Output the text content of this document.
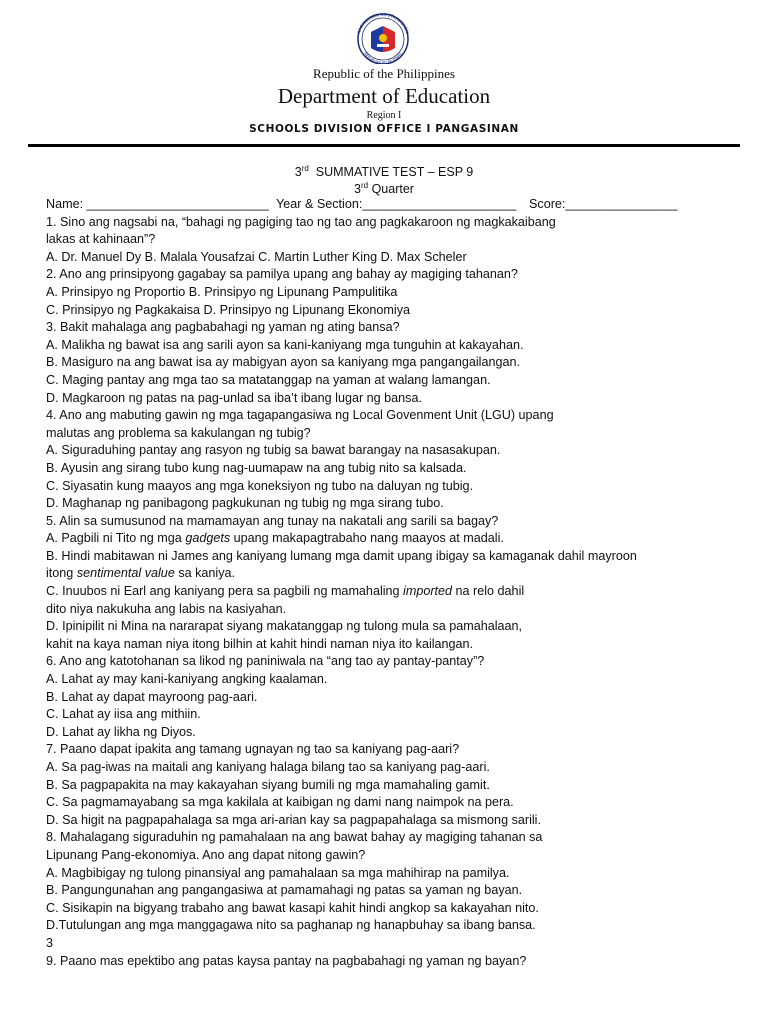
KAGAWARAN NG EDUKASYON
REPUBLIKA NG PILIPINAS
Republic of the Philippines
Department of Education
Region I
SCHOOLS DIVISION OFFICE I PANGASINAN
3rd SUMMATIVE TEST – ESP 9
3rd Quarter
Name: __________________________ Year & Section:______________________ Score:________________
1. Sino ang nagsabi na, “bahagi ng pagiging tao ng tao ang pagkakaroon ng magkakaibang
lakas at kahinaan”?
A. Dr. Manuel Dy B. Malala Yousafzai C. Martin Luther King D. Max Scheler
2. Ano ang prinsipyong gagabay sa pamilya upang ang bahay ay magiging tahanan?
A. Prinsipyo ng Proportio B. Prinsipyo ng Lipunang Pampulitika
C. Prinsipyo ng Pagkakaisa D. Prinsipyo ng Lipunang Ekonomiya
3. Bakit mahalaga ang pagbabahagi ng yaman ng ating bansa?
A. Malikha ng bawat isa ang sarili ayon sa kani-kaniyang mga tunguhin at kakayahan.
B. Masiguro na ang bawat isa ay mabigyan ayon sa kaniyang mga pangangailangan.
C. Maging pantay ang mga tao sa matatanggap na yaman at walang lamangan.
D. Magkaroon ng patas na pag-unlad sa iba’t ibang lugar ng bansa.
4. Ano ang mabuting gawin ng mga tagapangasiwa ng Local Govenment Unit (LGU) upang
malutas ang problema sa kakulangan ng tubig?
A. Siguraduhing pantay ang rasyon ng tubig sa bawat barangay na nasasakupan.
B. Ayusin ang sirang tubo kung nag-uumapaw na ang tubig nito sa kalsada.
C. Siyasatin kung maayos ang mga koneksiyon ng tubo na daluyan ng tubig.
D. Maghanap ng panibagong pagkukunan ng tubig ng mga sirang tubo.
5. Alin sa sumusunod na mamamayan ang tunay na nakatali ang sarili sa bagay?
A. Pagbili ni Tito ng mga gadgets upang makapagtrabaho nang maayos at madali.
B. Hindi mabitawan ni James ang kaniyang lumang mga damit upang ibigay sa kamaganak dahil mayroon
itong sentimental value sa kaniya.
C. Inuubos ni Earl ang kaniyang pera sa pagbili ng mamahaling imported na relo dahil
dito niya nakukuha ang labis na kasiyahan.
D. Ipinipilit ni Mina na nararapat siyang makatanggap ng tulong mula sa pamahalaan,
kahit na kaya naman niya itong bilhin at kahit hindi naman niya ito kailangan.
6. Ano ang katotohanan sa likod ng paniniwala na “ang tao ay pantay-pantay”?
A. Lahat ay may kani-kaniyang angking kaalaman.
B. Lahat ay dapat mayroong pag-aari.
C. Lahat ay iisa ang mithiin.
D. Lahat ay likha ng Diyos.
7. Paano dapat ipakita ang tamang ugnayan ng tao sa kaniyang pag-aari?
A. Sa pag-iwas na maitali ang kaniyang halaga bilang tao sa kaniyang pag-aari.
B. Sa pagpapakita na may kakayahan siyang bumili ng mga mamahaling gamit.
C. Sa pagmamayabang sa mga kakilala at kaibigan ng dami nang naimpok na pera.
D. Sa higit na pagpapahalaga sa mga ari-arian kay sa pagpapahalaga sa mismong sarili.
8. Mahalagang siguraduhin ng pamahalaan na ang bawat bahay ay magiging tahanan sa
Lipunang Pang-ekonomiya. Ano ang dapat nitong gawin?
A. Magbibigay ng tulong pinansiyal ang pamahalaan sa mga mahihirap na pamilya.
B. Pangungunahan ang pangangasiwa at pamamahagi ng patas sa yaman ng bayan.
C. Sisikapin na bigyang trabaho ang bawat kasapi kahit hindi angkop sa kakayahan nito.
D.Tutulungan ang mga manggagawa nito sa paghanap ng hanapbuhay sa ibang bansa.
3
9. Paano mas epektibo ang patas kaysa pantay na pagbabahagi ng yaman ng bayan?
